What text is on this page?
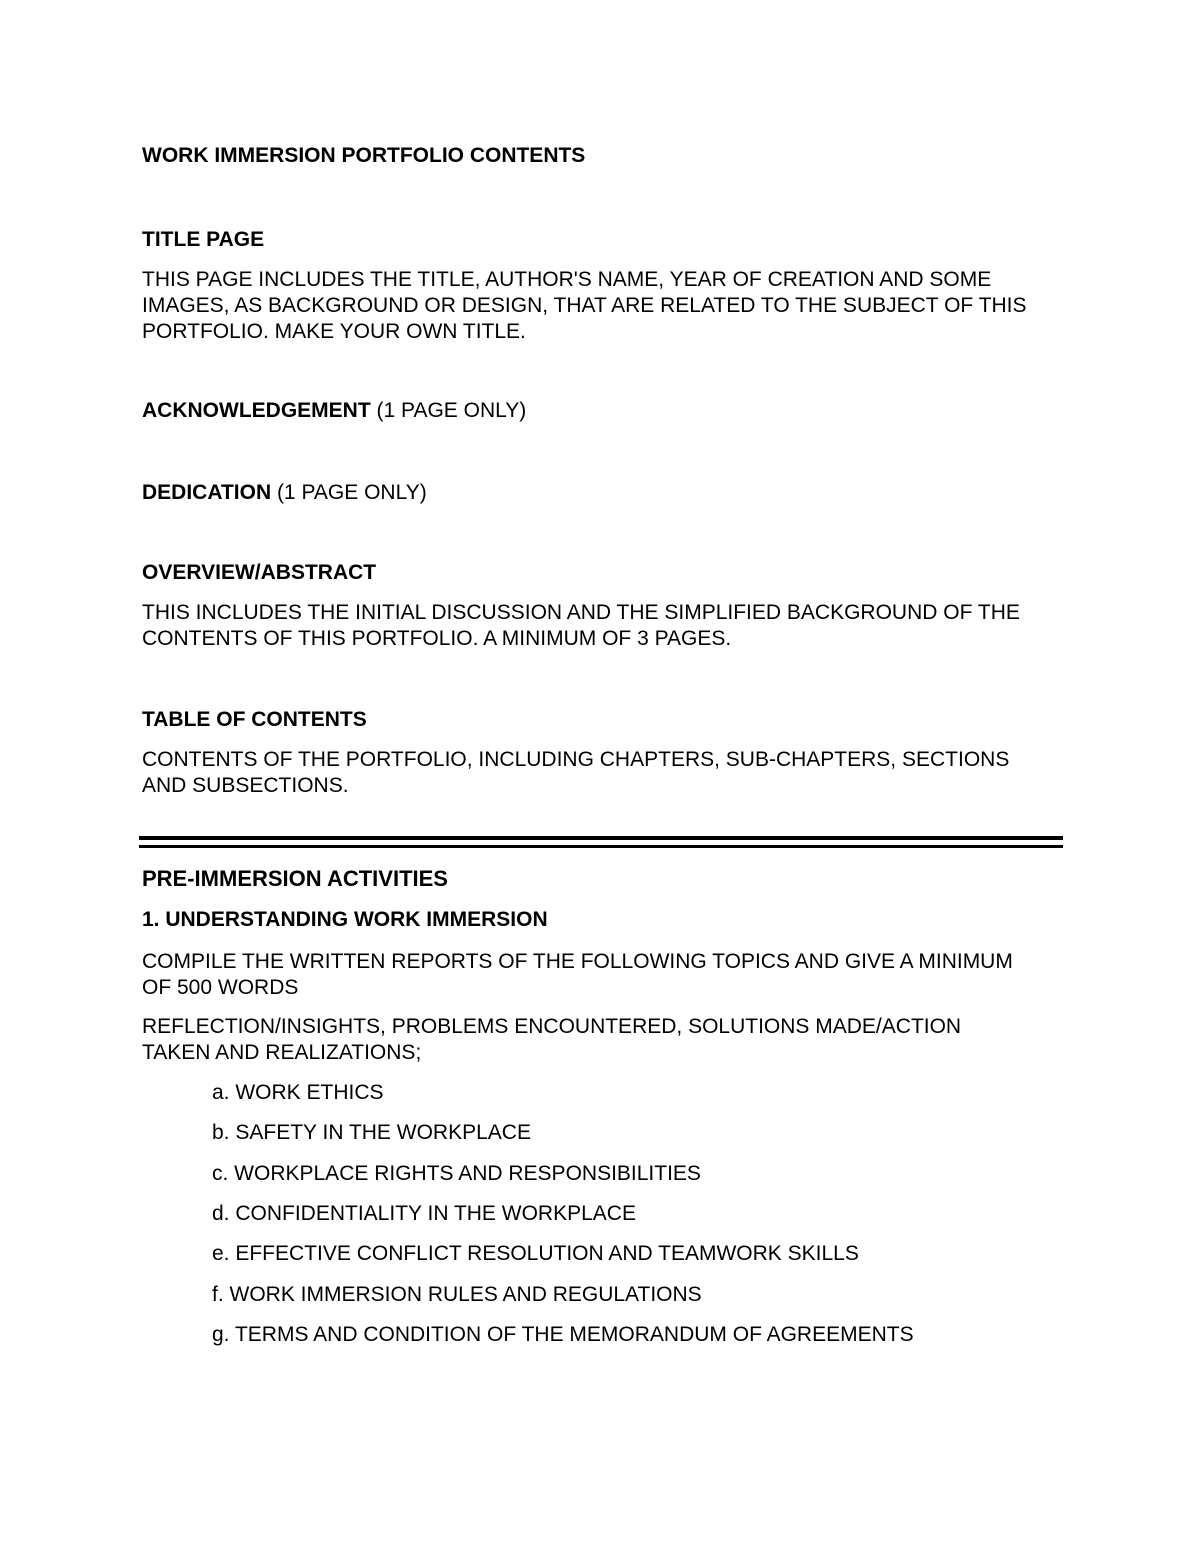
WORK IMMERSION PORTFOLIO CONTENTS
TITLE PAGE
THIS PAGE INCLUDES THE TITLE, AUTHOR'S NAME, YEAR OF CREATION AND SOME
IMAGES, AS BACKGROUND OR DESIGN, THAT ARE RELATED TO THE SUBJECT OF THIS
PORTFOLIO. MAKE YOUR OWN TITLE.
ACKNOWLEDGEMENT (1 PAGE ONLY)
DEDICATION (1 PAGE ONLY)
OVERVIEW/ABSTRACT
THIS INCLUDES THE INITIAL DISCUSSION AND THE SIMPLIFIED BACKGROUND OF THE
CONTENTS OF THIS PORTFOLIO. A MINIMUM OF 3 PAGES.
TABLE OF CONTENTS
CONTENTS OF THE PORTFOLIO, INCLUDING CHAPTERS, SUB-CHAPTERS, SECTIONS
AND SUBSECTIONS.
PRE-IMMERSION ACTIVITIES
1. UNDERSTANDING WORK IMMERSION
COMPILE THE WRITTEN REPORTS OF THE FOLLOWING TOPICS AND GIVE A MINIMUM
OF 500 WORDS
REFLECTION/INSIGHTS, PROBLEMS ENCOUNTERED, SOLUTIONS MADE/ACTION
TAKEN AND REALIZATIONS;
a. WORK ETHICS
b. SAFETY IN THE WORKPLACE
c. WORKPLACE RIGHTS AND RESPONSIBILITIES
d. CONFIDENTIALITY IN THE WORKPLACE
e. EFFECTIVE CONFLICT RESOLUTION AND TEAMWORK SKILLS
f. WORK IMMERSION RULES AND REGULATIONS
g. TERMS AND CONDITION OF THE MEMORANDUM OF AGREEMENTS
